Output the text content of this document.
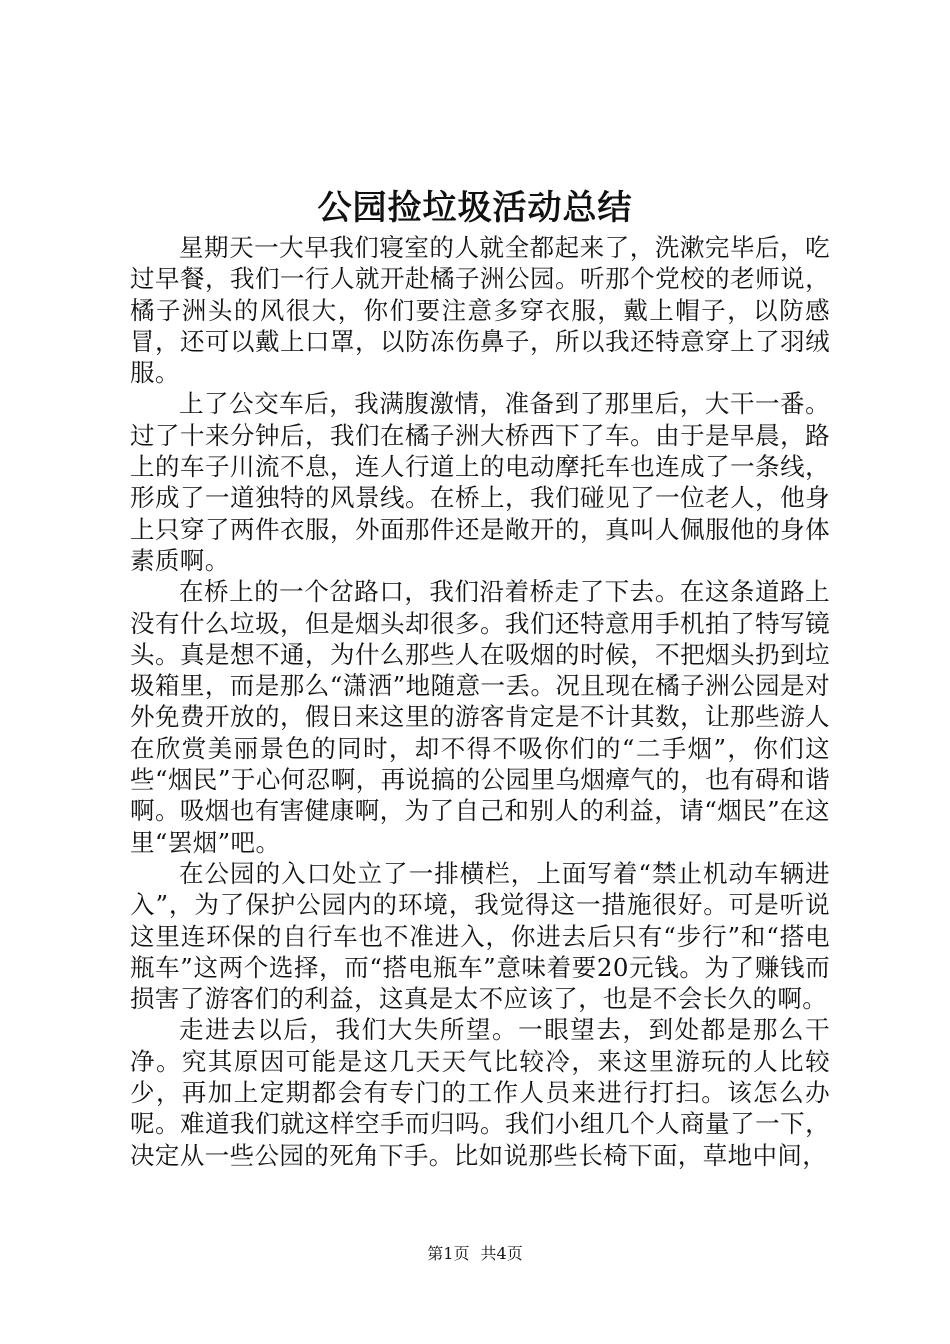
公园捡垃圾活动总结

星期天一大早我们寝室的人就全都起来了，洗漱完毕后，吃过早餐，我们一行人就开赴橘子洲公园。听那个党校的老师说，橘子洲头的风很大，你们要注意多穿衣服，戴上帽子，以防感冒，还可以戴上口罩，以防冻伤鼻子，所以我还特意穿上了羽绒服。

上了公交车后，我满腹激情，准备到了那里后，大干一番。过了十来分钟后，我们在橘子洲大桥西下了车。由于是早晨，路上的车子川流不息，连人行道上的电动摩托车也连成了一条线，形成了一道独特的风景线。在桥上，我们碰见了一位老人，他身上只穿了两件衣服，外面那件还是敞开的，真叫人佩服他的身体素质啊。

在桥上的一个岔路口，我们沿着桥走了下去。在这条道路上没有什么垃圾，但是烟头却很多。我们还特意用手机拍了特写镜头。真是想不通，为什么那些人在吸烟的时候，不把烟头扔到垃圾箱里，而是那么“潇洒”地随意一丢。况且现在橘子洲公园是对外免费开放的，假日来这里的游客肯定是不计其数，让那些游人在欣赏美丽景色的同时，却不得不吸你们的“二手烟”，你们这些“烟民”于心何忍啊，再说搞的公园里乌烟瘴气的，也有碍和谐啊。吸烟也有害健康啊，为了自己和别人的利益，请“烟民”在这里“罢烟”吧。

在公园的入口处立了一排横栏，上面写着“禁止机动车辆进入”，为了保护公园内的环境，我觉得这一措施很好。可是听说这里连环保的自行车也不准进入，你进去后只有“步行”和“搭电瓶车”这两个选择，而“搭电瓶车”意味着要20元钱。为了赚钱而损害了游客们的利益，这真是太不应该了，也是不会长久的啊。

走进去以后，我们大失所望。一眼望去，到处都是那么干净。究其原因可能是这几天天气比较冷，来这里游玩的人比较少，再加上定期都会有专门的工作人员来进行打扫。该怎么办呢。难道我们就这样空手而归吗。我们小组几个人商量了一下，决定从一些公园的死角下手。比如说那些长椅下面，草地中间，

第1页 共4页
